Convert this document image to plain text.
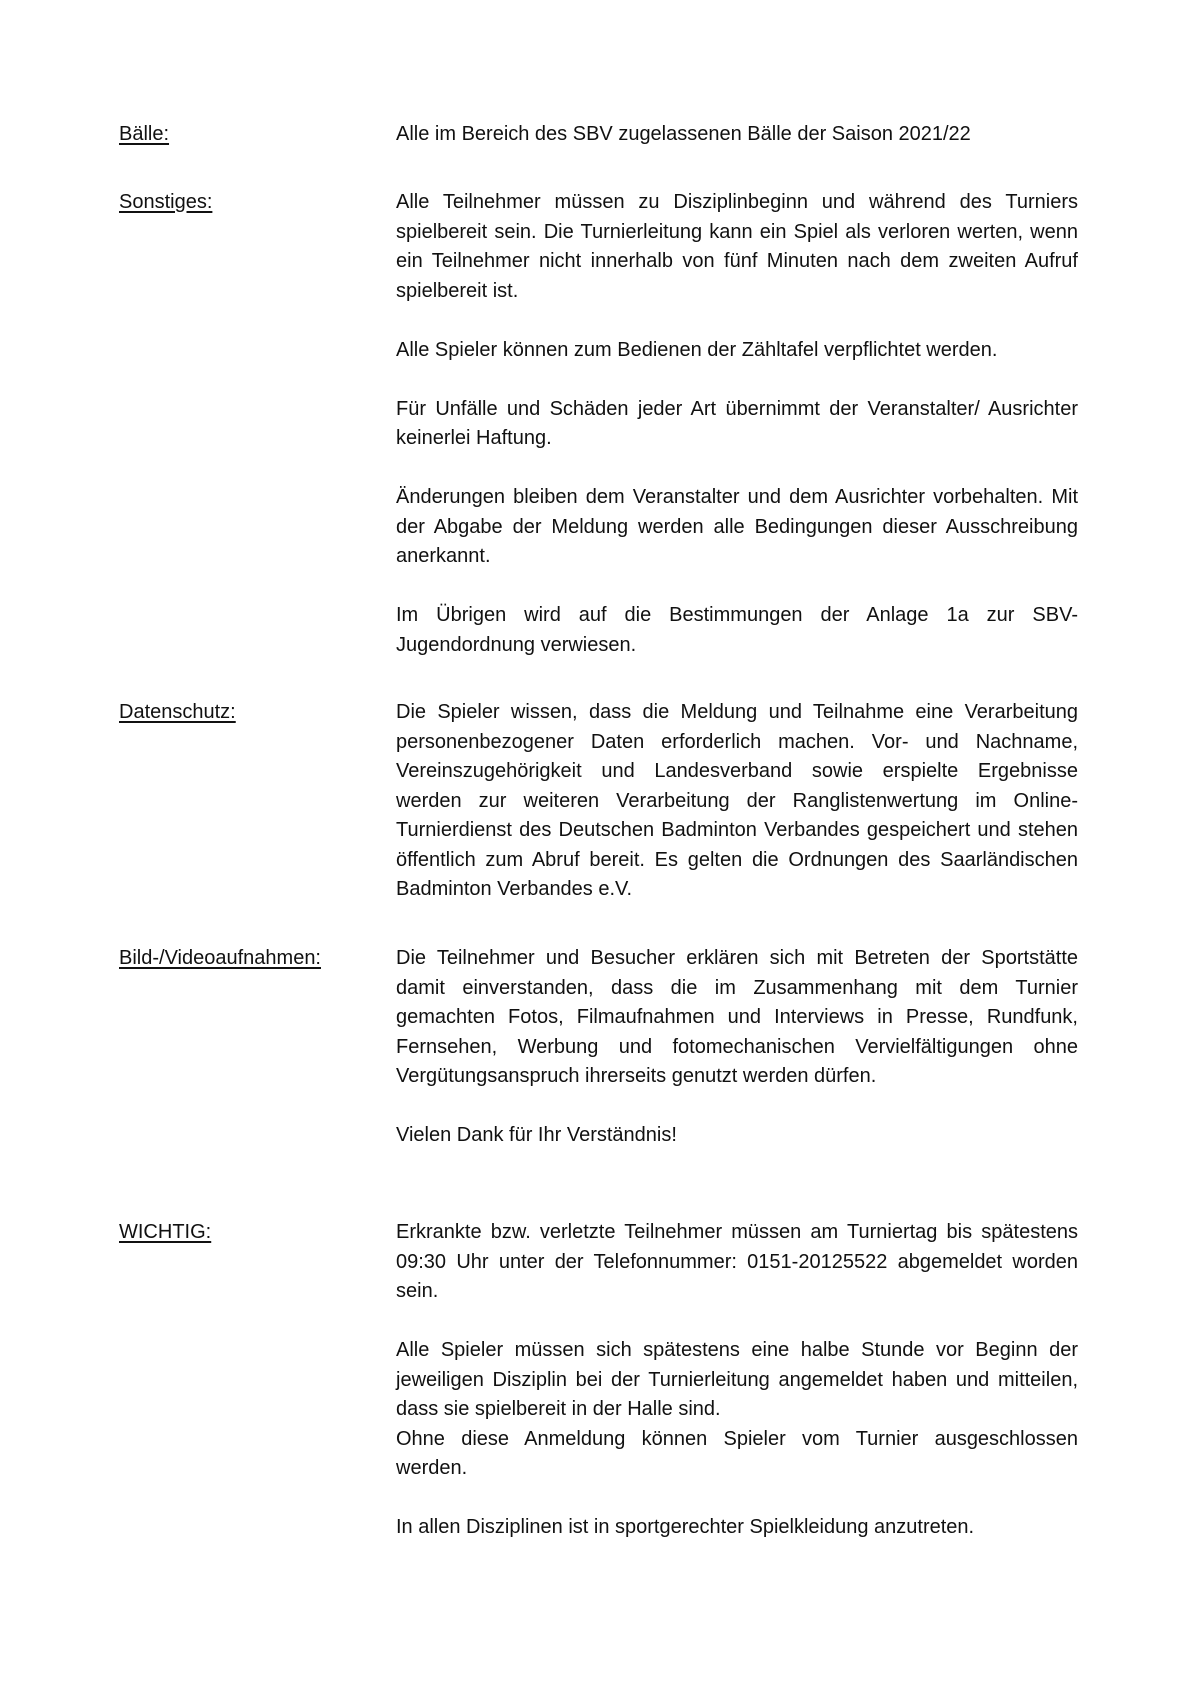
Bälle:	Alle im Bereich des SBV zugelassenen Bälle der Saison 2021/22

Sonstiges:	Alle Teilnehmer müssen zu Disziplinbeginn und während des Turniers spielbereit sein. Die Turnierleitung kann ein Spiel als verloren werten, wenn ein Teilnehmer nicht innerhalb von fünf Minuten nach dem zweiten Aufruf spielbereit ist.

Alle Spieler können zum Bedienen der Zähltafel verpflichtet werden.

Für Unfälle und Schäden jeder Art übernimmt der Veranstalter/ Ausrichter keinerlei Haftung.

Änderungen bleiben dem Veranstalter und dem Ausrichter vorbehalten. Mit der Abgabe der Meldung werden alle Bedingungen dieser Ausschreibung anerkannt.

Im Übrigen wird auf die Bestimmungen der Anlage 1a zur SBV-Jugendordnung verwiesen.

Datenschutz:	Die Spieler wissen, dass die Meldung und Teilnahme eine Verarbeitung personenbezogener Daten erforderlich machen. Vor- und Nachname, Vereinszugehörigkeit und Landesverband sowie erspielte Ergebnisse werden zur weiteren Verarbeitung der Ranglistenwertung im Online-Turnierdienst des Deutschen Badminton Verbandes gespeichert und stehen öffentlich zum Abruf bereit. Es gelten die Ordnungen des Saarländischen Badminton Verbandes e.V.

Bild-/Videoaufnahmen:	Die Teilnehmer und Besucher erklären sich mit Betreten der Sportstätte damit einverstanden, dass die im Zusammenhang mit dem Turnier gemachten Fotos, Filmaufnahmen und Interviews in Presse, Rundfunk, Fernsehen, Werbung und fotomechanischen Vervielfältigungen ohne Vergütungsanspruch ihrerseits genutzt werden dürfen.

Vielen Dank für Ihr Verständnis!

WICHTIG:	Erkrankte bzw. verletzte Teilnehmer müssen am Turniertag bis spätestens 09:30 Uhr unter der Telefonnummer: 0151-20125522 abgemeldet worden sein.

Alle Spieler müssen sich spätestens eine halbe Stunde vor Beginn der jeweiligen Disziplin bei der Turnierleitung angemeldet haben und mitteilen, dass sie spielbereit in der Halle sind.

Ohne diese Anmeldung können Spieler vom Turnier ausgeschlossen werden.

In allen Disziplinen ist in sportgerechter Spielkleidung anzutreten.
